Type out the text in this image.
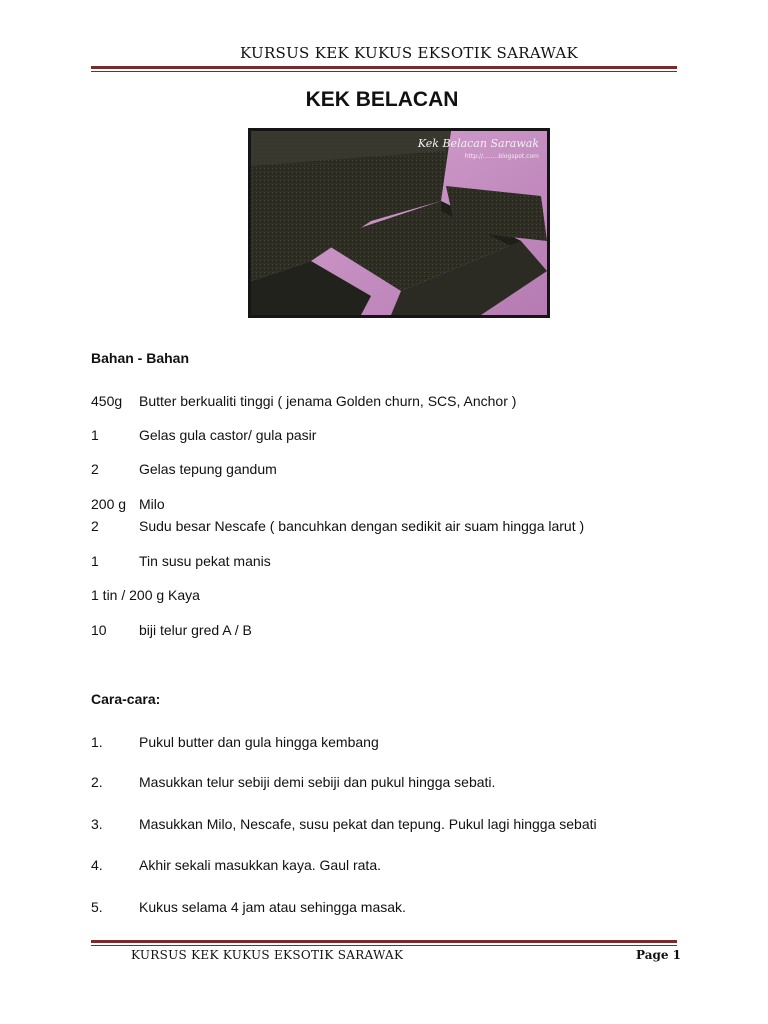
KURSUS KEK KUKUS EKSOTIK SARAWAK
KEK BELACAN
Kek Belacan Sarawak
http://........blogspot.com
Bahan - Bahan
450g Butter berkualiti tinggi ( jenama Golden churn, SCS, Anchor )
1	Gelas gula castor/ gula pasir
2	Gelas tepung gandum
200 g Milo
2	Sudu besar Nescafe ( bancuhkan dengan sedikit air suam hingga larut )
1	Tin susu pekat manis
1 tin / 200 g Kaya
10 biji telur gred A / B
Cara-cara:
1.	Pukul butter dan gula hingga kembang
2.	Masukkan telur sebiji demi sebiji dan pukul hingga sebati.
3.	Masukkan Milo, Nescafe, susu pekat dan tepung. Pukul lagi hingga sebati
4.	Akhir sekali masukkan kaya. Gaul rata.
5.	Kukus selama 4 jam atau sehingga masak.
KURSUS KEK KUKUS EKSOTIK SARAWAK	Page 1
